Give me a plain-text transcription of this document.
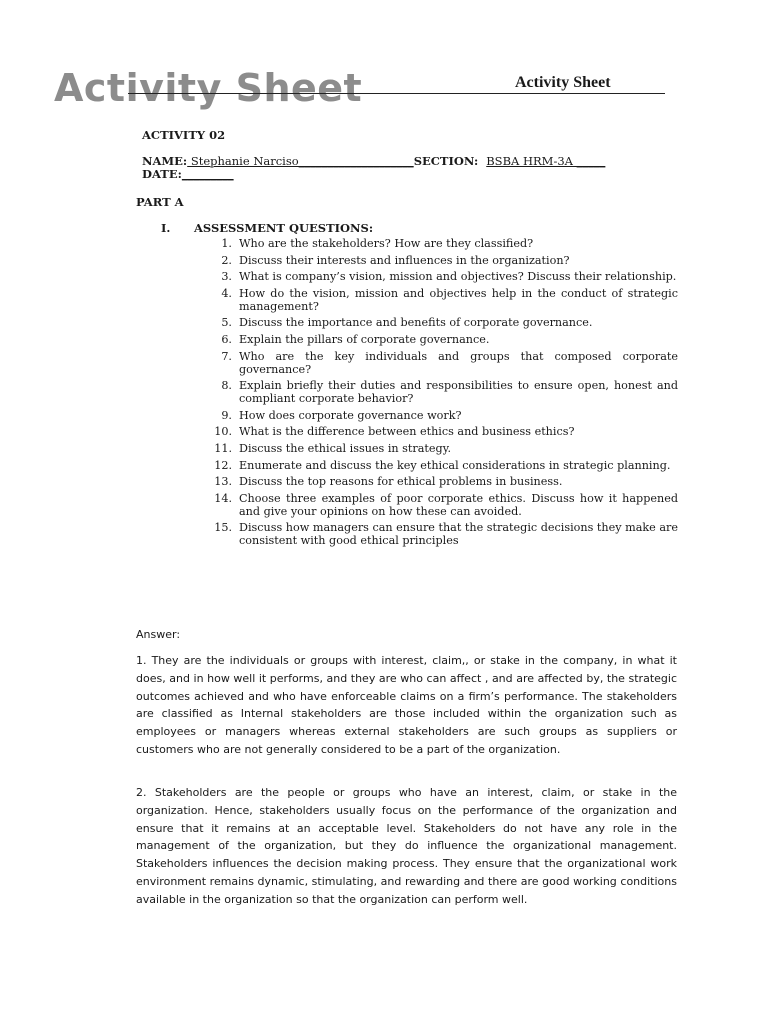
Activity Sheet	Activity Sheet
ACTIVITY 02
NAME: Stephanie Narciso____________________SECTION: BSBA HRM-3A _____
DATE:_________
PART A
I. ASSESSMENT QUESTIONS:
1. Who are the stakeholders? How are they classified?
2. Discuss their interests and influences in the organization?
3. What is company’s vision, mission and objectives? Discuss their relationship.
4. How do the vision, mission and objectives help in the conduct of strategic management?
5. Discuss the importance and benefits of corporate governance.
6. Explain the pillars of corporate governance.
7. Who are the key individuals and groups that composed corporate governance?
8. Explain briefly their duties and responsibilities to ensure open, honest and compliant corporate behavior?
9. How does corporate governance work?
10. What is the difference between ethics and business ethics?
11. Discuss the ethical issues in strategy.
12. Enumerate and discuss the key ethical considerations in strategic planning.
13. Discuss the top reasons for ethical problems in business.
14. Choose three examples of poor corporate ethics. Discuss how it happened and give your opinions on how these can avoided.
15. Discuss how managers can ensure that the strategic decisions they make are consistent with good ethical principles
Answer:

1. They are the individuals or groups with interest, claim,, or stake in the company, in what it does, and in how well it performs, and they are who can affect , and are affected by, the strategic outcomes achieved and who have enforceable claims on a firm’s performance. The stakeholders are classified as Internal stakeholders are those included within the organization such as employees or managers whereas external stakeholders are such groups as suppliers or customers who are not generally considered to be a part of the organization.

2. Stakeholders are the people or groups who have an interest, claim, or stake in the organization. Hence, stakeholders usually focus on the performance of the organization and ensure that it remains at an acceptable level. Stakeholders do not have any role in the management of the organization, but they do influence the organizational management. Stakeholders influences the decision making process. They ensure that the organizational work environment remains dynamic, stimulating, and rewarding and there are good working conditions available in the organization so that the organization can perform well.
